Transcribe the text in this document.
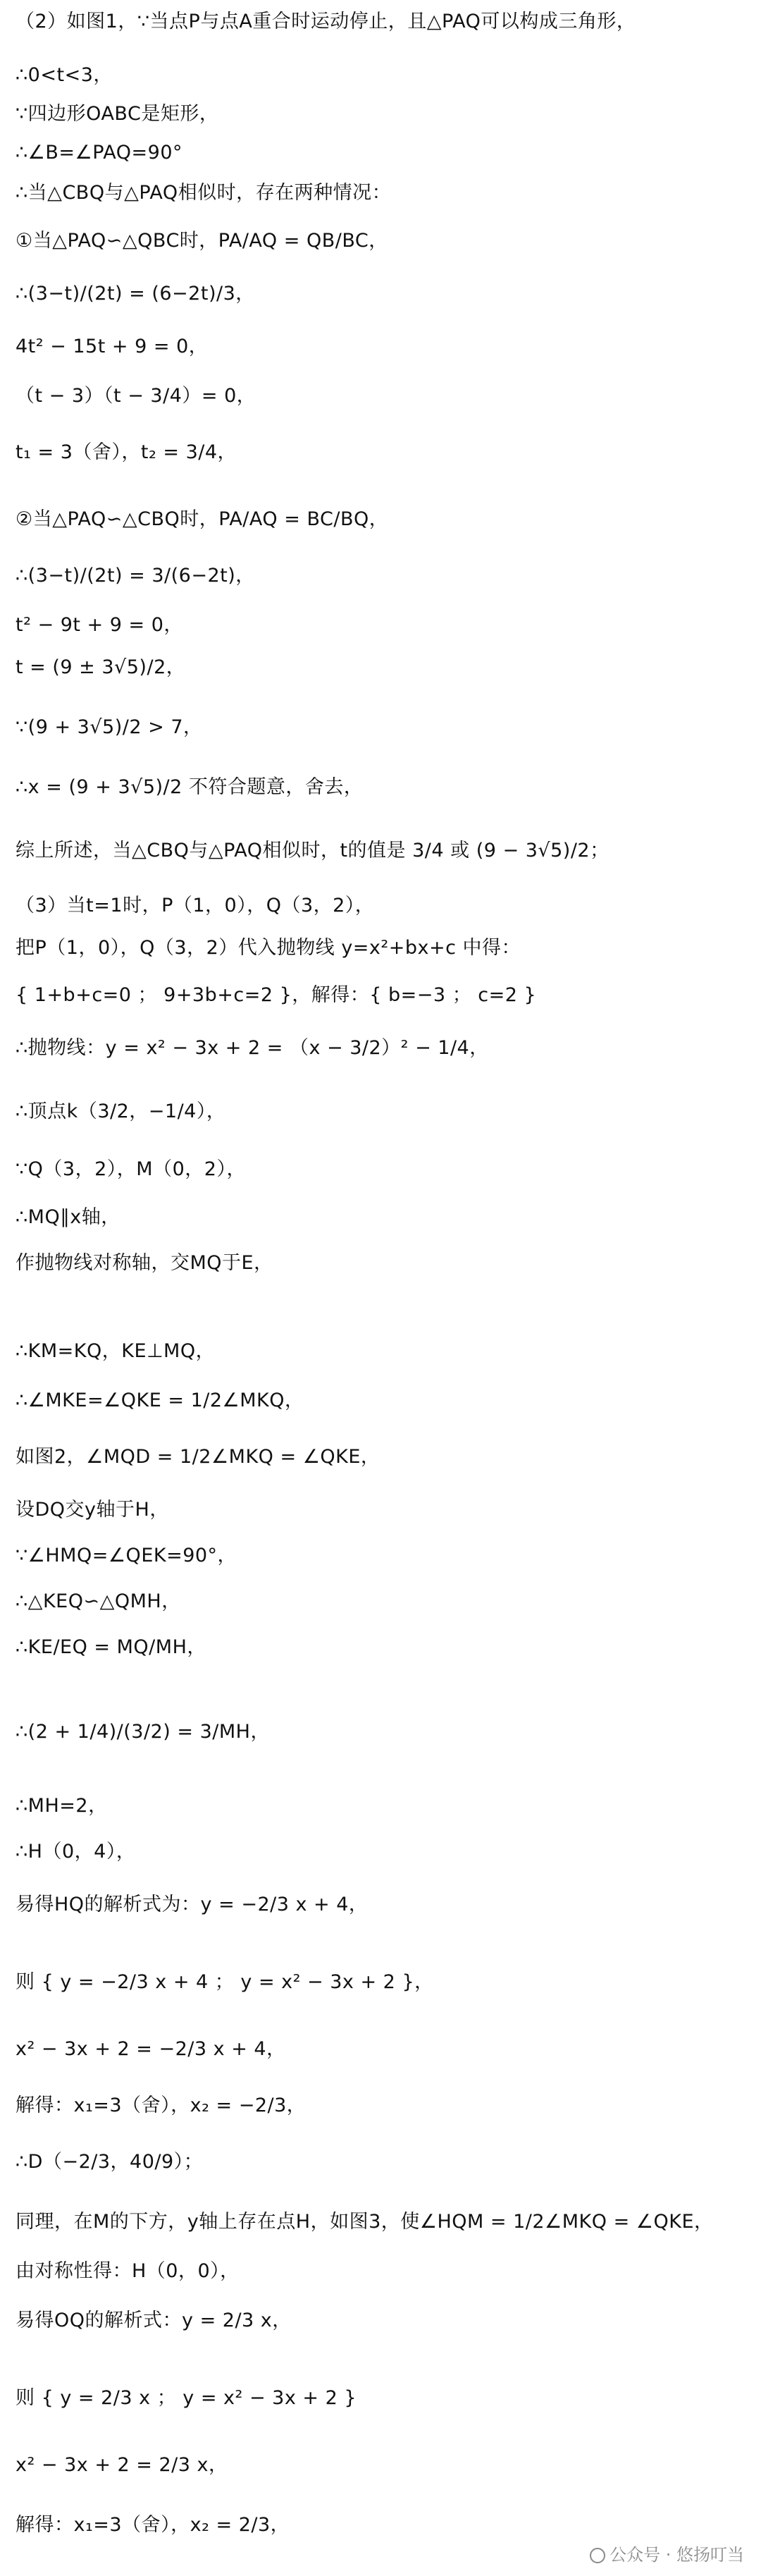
（2）如图1，∵当点P与点A重合时运动停止，且△PAQ可以构成三角形，
∴0<t<3，
∵四边形OABC是矩形，
∴∠B=∠PAQ=90°
∴当△CBQ与△PAQ相似时，存在两种情况：
①当△PAQ∽△QBC时，PA/AQ = QB/BC，
∴(3−t)/(2t) = (6−2t)/3，
4t² − 15t + 9 = 0，
（t − 3）（t − 3/4）= 0，
t₁ = 3（舍），t₂ = 3/4，
②当△PAQ∽△CBQ时，PA/AQ = BC/BQ，
∴(3−t)/(2t) = 3/(6−2t)，
t² − 9t + 9 = 0，
t = (9 ± 3√5)/2，
∵(9 + 3√5)/2 > 7，
∴x = (9 + 3√5)/2 不符合题意，舍去，
综上所述，当△CBQ与△PAQ相似时，t的值是 3/4 或 (9 − 3√5)/2；
（3）当t=1时，P（1，0），Q（3，2），
把P（1，0），Q（3，2）代入抛物线 y=x²+bx+c 中得：
{ 1+b+c=0 ； 9+3b+c=2 }，解得：{ b=−3 ； c=2 }
∴抛物线：y = x² − 3x + 2 = （x − 3/2）² − 1/4，
∴顶点k（3/2，−1/4），
∵Q（3，2），M（0，2），
∴MQ∥x轴，
作抛物线对称轴，交MQ于E，
∴KM=KQ，KE⊥MQ，
∴∠MKE=∠QKE = 1/2∠MKQ，
如图2，∠MQD = 1/2∠MKQ = ∠QKE，
设DQ交y轴于H，
∵∠HMQ=∠QEK=90°，
∴△KEQ∽△QMH，
∴KE/EQ = MQ/MH，
∴(2 + 1/4)/(3/2) = 3/MH，
∴MH=2，
∴H（0，4），
易得HQ的解析式为：y = −2/3 x + 4，
则 { y = −2/3 x + 4 ； y = x² − 3x + 2 }，
x² − 3x + 2 = −2/3 x + 4，
解得：x₁=3（舍），x₂ = −2/3，
∴D（−2/3，40/9）；
同理，在M的下方，y轴上存在点H，如图3，使∠HQM = 1/2∠MKQ = ∠QKE，
由对称性得：H（0，0），
易得OQ的解析式：y = 2/3 x，
则 { y = 2/3 x ； y = x² − 3x + 2 }
x² − 3x + 2 = 2/3 x，
解得：x₁=3（舍），x₂ = 2/3，
公众号 · 悠扬叮当
